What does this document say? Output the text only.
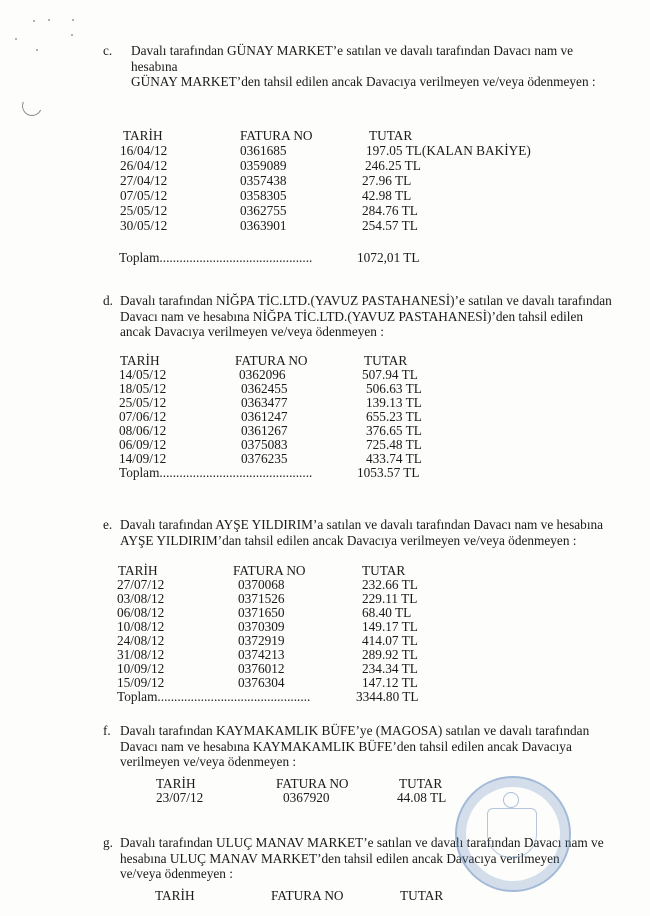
c. Davalı tarafından GÜNAY MARKET’e satılan ve davalı tarafından Davacı nam ve hesabına
GÜNAY MARKET’den tahsil edilen ancak Davacıya verilmeyen ve/veya ödenmeyen :
TARİH	FATURA NO	TUTAR
16/04/12	0361685	197.05 TL(KALAN BAKİYE)
26/04/12	0359089	246.25 TL
27/04/12	0357438	27.96 TL
07/05/12	0358305	42.98 TL
25/05/12	0362755	284.76 TL
30/05/12	0363901	254.57 TL
Toplam..............................................	1072,01 TL
d. Davalı tarafından NİĞPA TİC.LTD.(YAVUZ PASTAHANESİ)’e satılan ve davalı tarafından
Davacı nam ve hesabına NİĞPA TİC.LTD.(YAVUZ PASTAHANESİ)’den tahsil edilen
ancak Davacıya verilmeyen ve/veya ödenmeyen :
TARİH	FATURA NO	TUTAR
14/05/12	0362096	507.94 TL
18/05/12	0362455	506.63 TL
25/05/12	0363477	139.13 TL
07/06/12	0361247	655.23 TL
08/06/12	0361267	376.65 TL
06/09/12	0375083	725.48 TL
14/09/12	0376235	433.74 TL
Toplam..............................................	1053.57 TL
e. Davalı tarafından AYŞE YILDIRIM’a satılan ve davalı tarafından Davacı nam ve hesabına
AYŞE YILDIRIM’dan tahsil edilen ancak Davacıya verilmeyen ve/veya ödenmeyen :
TARİH	FATURA NO	TUTAR
27/07/12	0370068	232.66 TL
03/08/12	0371526	229.11 TL
06/08/12	0371650	68.40 TL
10/08/12	0370309	149.17 TL
24/08/12	0372919	414.07 TL
31/08/12	0374213	289.92 TL
10/09/12	0376012	234.34 TL
15/09/12	0376304	147.12 TL
Toplam..............................................	3344.80 TL
f. Davalı tarafından KAYMAKAMLIK BÜFE’ye (MAGOSA) satılan ve davalı tarafından
Davacı nam ve hesabına KAYMAKAMLIK BÜFE’den tahsil edilen ancak Davacıya
verilmeyen ve/veya ödenmeyen :
TARİH	FATURA NO	TUTAR
23/07/12	0367920	44.08 TL
g. Davalı tarafından ULUÇ MANAV MARKET’e satılan ve davalı tarafından Davacı nam ve
hesabına ULUÇ MANAV MARKET’den tahsil edilen ancak Davacıya verilmeyen
ve/veya ödenmeyen :
TARİH	FATURA NO	TUTAR
